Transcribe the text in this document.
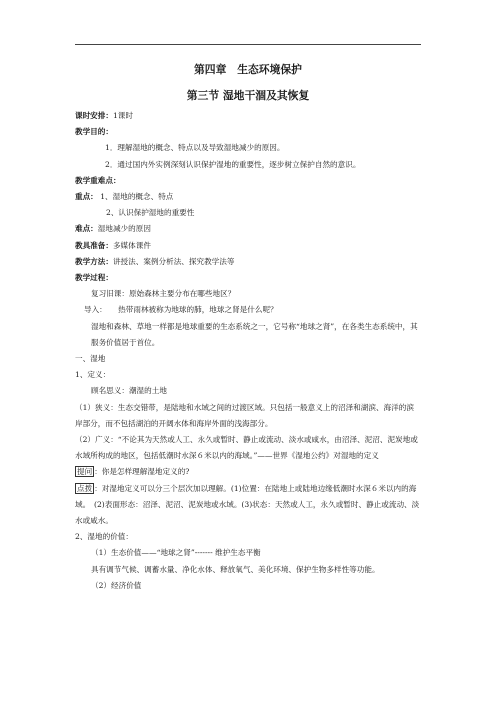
第四章　生态环境保护
第三节 湿地干涸及其恢复
课时安排：1课时
教学目的：
1．理解湿地的概念、特点以及导致湿地减少的原因。
2．通过国内外实例深刻认识保护湿地的重要性，逐步树立保护自然的意识。
教学重难点：
重点： 1、湿地的概念、特点
2、认识保护湿地的重要性
难点：湿地减少的原因
教具准备：多媒体课件
教学方法：讲授法、案例分析法、探究教学法等
教学过程：
复习旧课：原始森林主要分布在哪些地区？
导入：　　热带雨林被称为地球的肺，地球之肾是什么呢？
湿地和森林、草地一样都是地球重要的生态系统之一，它号称“地球之肾”，在各类生态系统中，其服务价值居于首位。
一、湿地
1、定义：
顾名思义：潮湿的土地
（1）狭义：生态交错带，是陆地和水域之间的过渡区域。只包括一般意义上的沼泽和湖滨、海洋的滨岸部分，而不包括湖泊的开阔水体和海岸外面的浅海部分。
（2）广义：“不论其为天然或人工、永久或暂时、静止或流动、淡水或咸水，由沼泽、泥沼、泥炭地或水域所构成的地区，包括低潮时水深６米以内的海域。”——世界《湿地公约》对湿地的定义
提问 ：你是怎样理解湿地定义的?
点拨 ：对湿地定义可以分三个层次加以理解。(1)位置：在陆地上或陆地边缘低潮时水深６米以内的海域。　(2)表面形态：沼泽、泥沼、泥炭地或水域。(3)状态：天然或人工，永久或暂时、静止或流动、淡水或咸水。
2、湿地的价值：
（1）生态价值——“地球之肾”------- 维护生态平衡
具有调节气候、调蓄水量、净化水体、释放氧气、美化环境、保护生物多样性等功能。
（2）经济价值
